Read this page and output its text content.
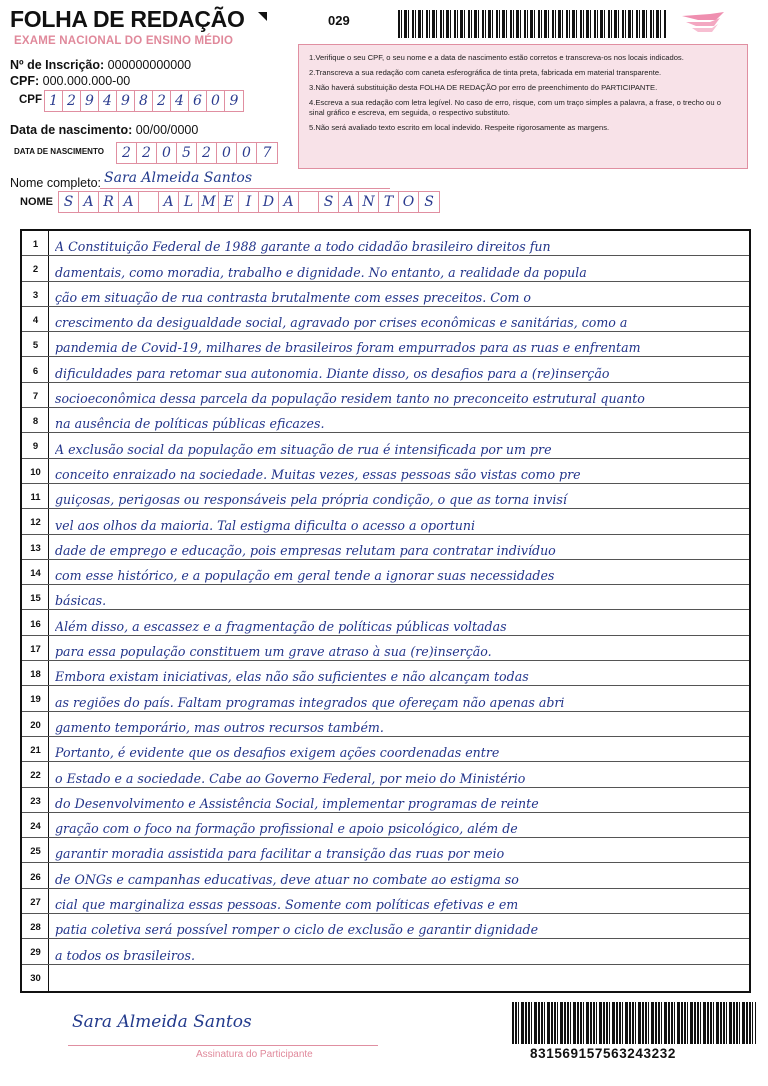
FOLHA DE REDAÇÃO
EXAME NACIONAL DO ENSINO MÉDIO
029
Nº de Inscrição: 000000000000
CPF: 000.000.000-00
CPF 1 2 9 4 9 8 2 4 6 0 9
Data de nascimento: 00/00/0000
DATA DE NASCIMENTO	2 2 0 5 2 0 0 7

1.Verifique o seu CPF, o seu nome e a data de nascimento estão corretos e transcreva-os nos locais indicados.

2.Transcreva a sua redação com caneta esferográfica de tinta preta, fabricada em material transparente.

3.Não haverá substituição desta FOLHA DE REDAÇÃO por erro de preenchimento do PARTICIPANTE.

4.Escreva a sua redação com letra legível. No caso de erro, risque, com um traço simples a palavra, a frase, o trecho ou o sinal gráfico e escreva, em seguida, o respectivo substituto.

5.Não será avaliado texto escrito em local indevido. Respeite rigorosamente as margens.

Nome completo: Sara Almeida Santos
NOME S A R A	A L M E I D A	S A N T O S
1	A Constituição Federal de 1988 garante a todo cidadão brasileiro direitos fun
2	damentais, como moradia, trabalho e dignidade. No entanto, a realidade da popula
3	ção em situação de rua contrasta brutalmente com esses preceitos. Com o
4	crescimento da desigualdade social, agravado por crises econômicas e sanitárias, como a
5	pandemia de Covid-19, milhares de brasileiros foram empurrados para as ruas e enfrentam
6	dificuldades para retomar sua autonomia. Diante disso, os desafios para a (re)inserção
7	socioeconômica dessa parcela da população residem tanto no preconceito estrutural quanto
8	na ausência de políticas públicas eficazes.
9	A exclusão social da população em situação de rua é intensificada por um pre
10	conceito enraizado na sociedade. Muitas vezes, essas pessoas são vistas como pre
11	guiçosas, perigosas ou responsáveis pela própria condição, o que as torna invisí
12	vel aos olhos da maioria. Tal estigma dificulta o acesso a oportuni
13	dade de emprego e educação, pois empresas relutam para contratar indivíduo
14	com esse histórico, e a população em geral tende a ignorar suas necessidades
15	básicas.
16	Além disso, a escassez e a fragmentação de políticas públicas voltadas
17	para essa população constituem um grave atraso à sua (re)inserção.
18	Embora existam iniciativas, elas não são suficientes e não alcançam todas
19	as regiões do país. Faltam programas integrados que ofereçam não apenas abri
20	gamento temporário, mas outros recursos também.
21	Portanto, é evidente que os desafios exigem ações coordenadas entre
22	o Estado e a sociedade. Cabe ao Governo Federal, por meio do Ministério
23	do Desenvolvimento e Assistência Social, implementar programas de reinte
24	gração com o foco na formação profissional e apoio psicológico, além de
25	garantir moradia assistida para facilitar a transição das ruas por meio
26	de ONGs e campanhas educativas, deve atuar no combate ao estigma so
27	cial que marginaliza essas pessoas. Somente com políticas efetivas e em
28	patia coletiva será possível romper o ciclo de exclusão e garantir dignidade
29	a todos os brasileiros.
30
Sara Almeida Santos
Assinatura do Participante	831569157563243232
